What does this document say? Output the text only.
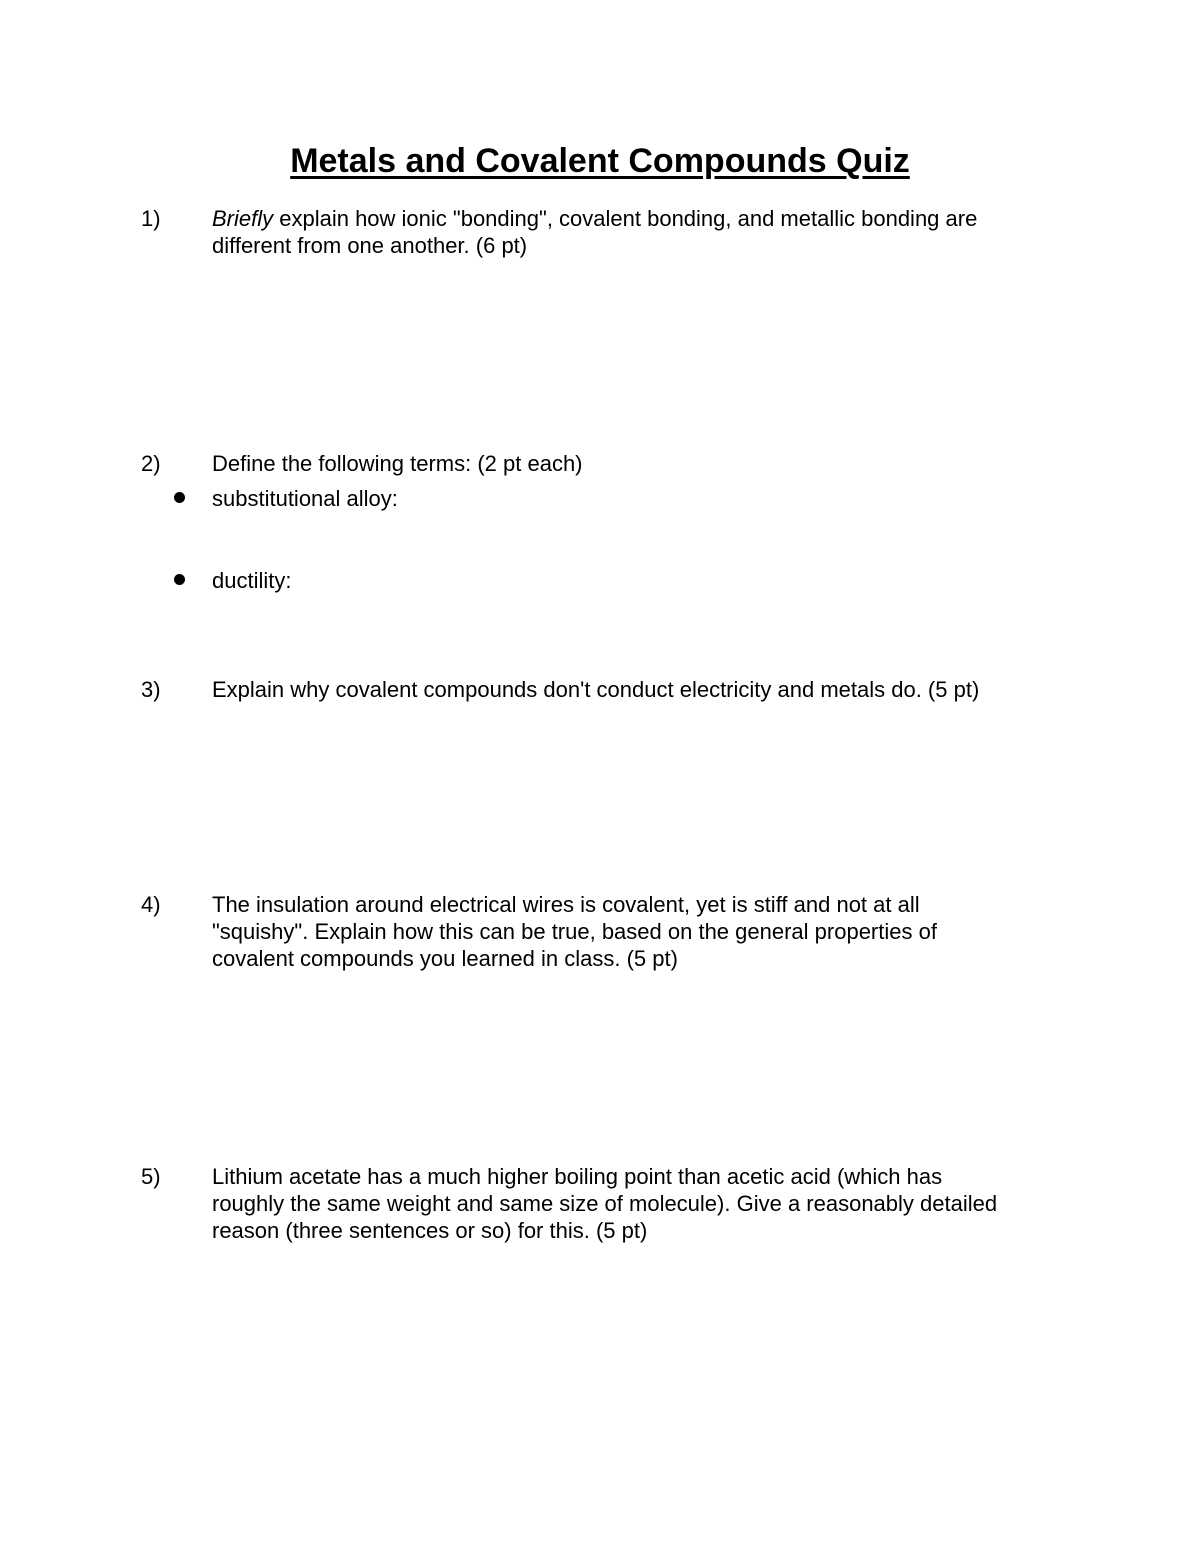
Metals and Covalent Compounds Quiz
1) Briefly explain how ionic "bonding", covalent bonding, and metallic bonding are
different from one another. (6 pt)
2) Define the following terms: (2 pt each)
substitutional alloy:
ductility:
3) Explain why covalent compounds don't conduct electricity and metals do. (5 pt)
4) The insulation around electrical wires is covalent, yet is stiff and not at all
"squishy". Explain how this can be true, based on the general properties of
covalent compounds you learned in class. (5 pt)
5) Lithium acetate has a much higher boiling point than acetic acid (which has
roughly the same weight and same size of molecule). Give a reasonably detailed
reason (three sentences or so) for this. (5 pt)
